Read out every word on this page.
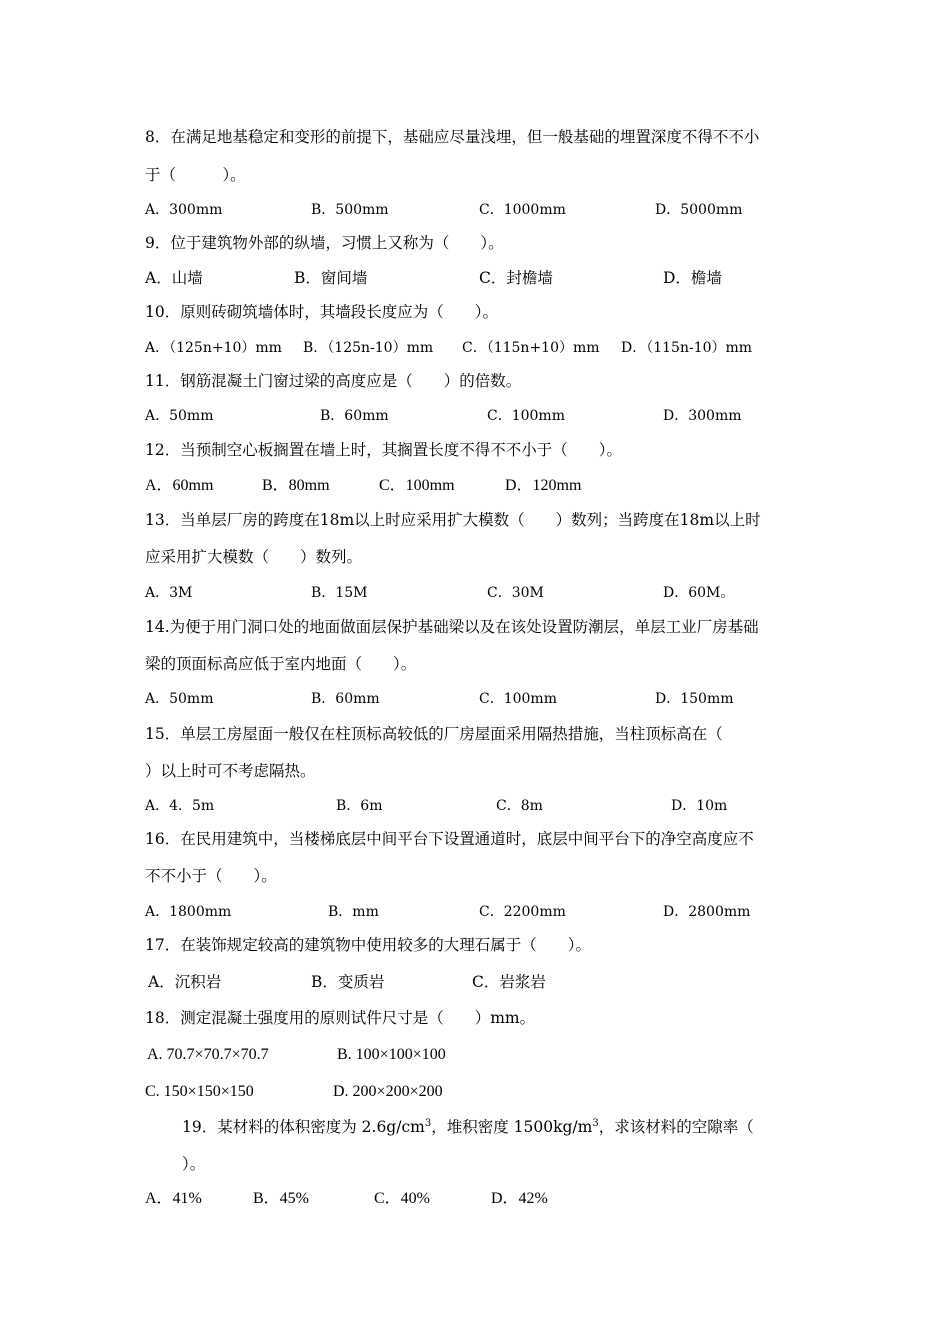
8．在满足地基稳定和变形的前提下，基础应尽量浅埋，但一般基础的埋置深度不得不不小
于（　　　）。
A．300mm	B．500mm	C．1000mm	D．5000mm
9．位于建筑物外部的纵墙，习惯上又称为（　　）。
A．山墙	B．窗间墙	C．封檐墙	D．檐墙
10．原则砖砌筑墙体时，其墙段长度应为（　　）。
A．（125n+10）mm B．（125n-10）mm C．（115n+10）mm D．（115n-10）mm
11．钢筋混凝土门窗过梁的高度应是（　　）的倍数。
A．50mm	B．60mm	C．100mm	D．300mm
12．当预制空心板搁置在墙上时，其搁置长度不得不不小于（　　）。
A．60mm	B．80mm	C．100mm	D．120mm
13．当单层厂房的跨度在18m以上时应采用扩大模数（　　）数列；当跨度在18m以上时
应采用扩大模数（　　）数列。
A．3M	B．15M	C．30M	D．60M。
14.为便于用门洞口处的地面做面层保护基础梁以及在该处设置防潮层，单层工业厂房基础
梁的顶面标高应低于室内地面（　　）。
A．50mm	B．60mm	C．100mm	D．150mm
15．单层工房屋面一般仅在柱顶标高较低的厂房屋面采用隔热措施，当柱顶标高在（
）以上时可不考虑隔热。
A．4．5m	B．6m	C．8m	D．10m
16．在民用建筑中，当楼梯底层中间平台下设置通道时，底层中间平台下的净空高度应不
不不小于（　　）。
A．1800mm	B．mm	C．2200mm	D．2800mm
17．在装饰规定较高的建筑物中使用较多的大理石属于（　　）。
A．沉积岩	B．变质岩	C．岩浆岩
18．测定混凝土强度用的原则试件尺寸是（　　）mm。
A. 70.7×70.7×70.7	B. 100×100×100
C. 150×150×150	D. 200×200×200
19．某材料的体积密度为 $2.6g/cm^3$，堆积密度 $1500kg/m^3$，求该材料的空隙率（
）。
A．41%	B．45%	C．40%	D．42%
